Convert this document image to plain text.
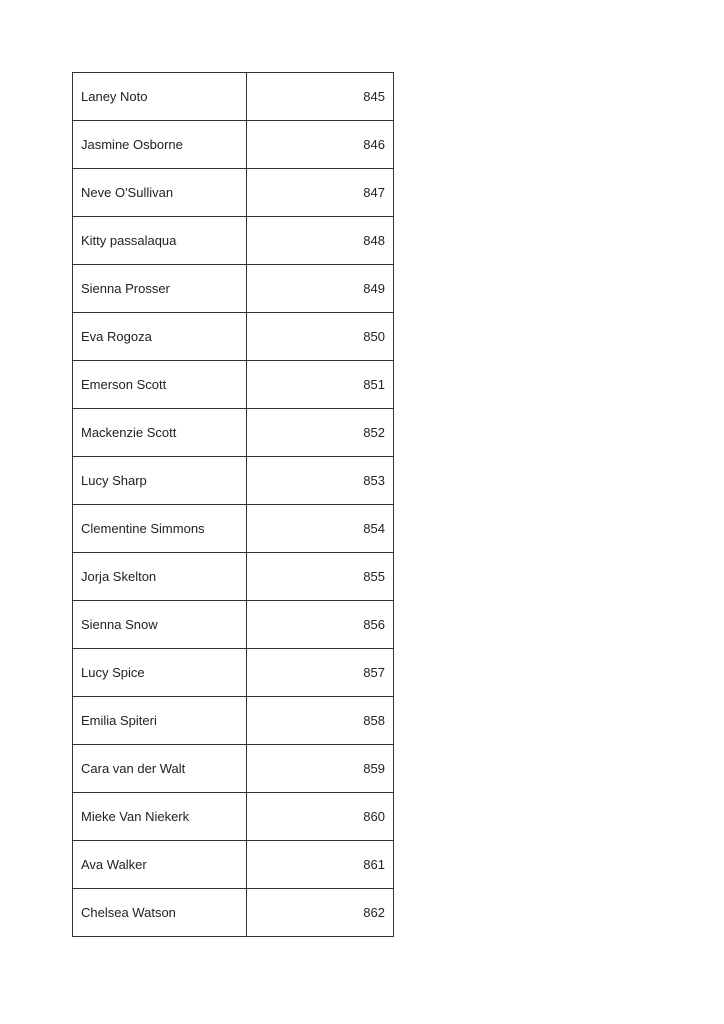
Laney Noto	845
Jasmine Osborne	846
Neve O'Sullivan	847
Kitty passalaqua	848
Sienna Prosser	849
Eva Rogoza	850
Emerson Scott	851
Mackenzie Scott	852
Lucy Sharp	853
Clementine Simmons	854
Jorja Skelton	855
Sienna Snow	856
Lucy Spice	857
Emilia Spiteri	858
Cara van der Walt	859
Mieke Van Niekerk	860
Ava Walker	861
Chelsea Watson	862
